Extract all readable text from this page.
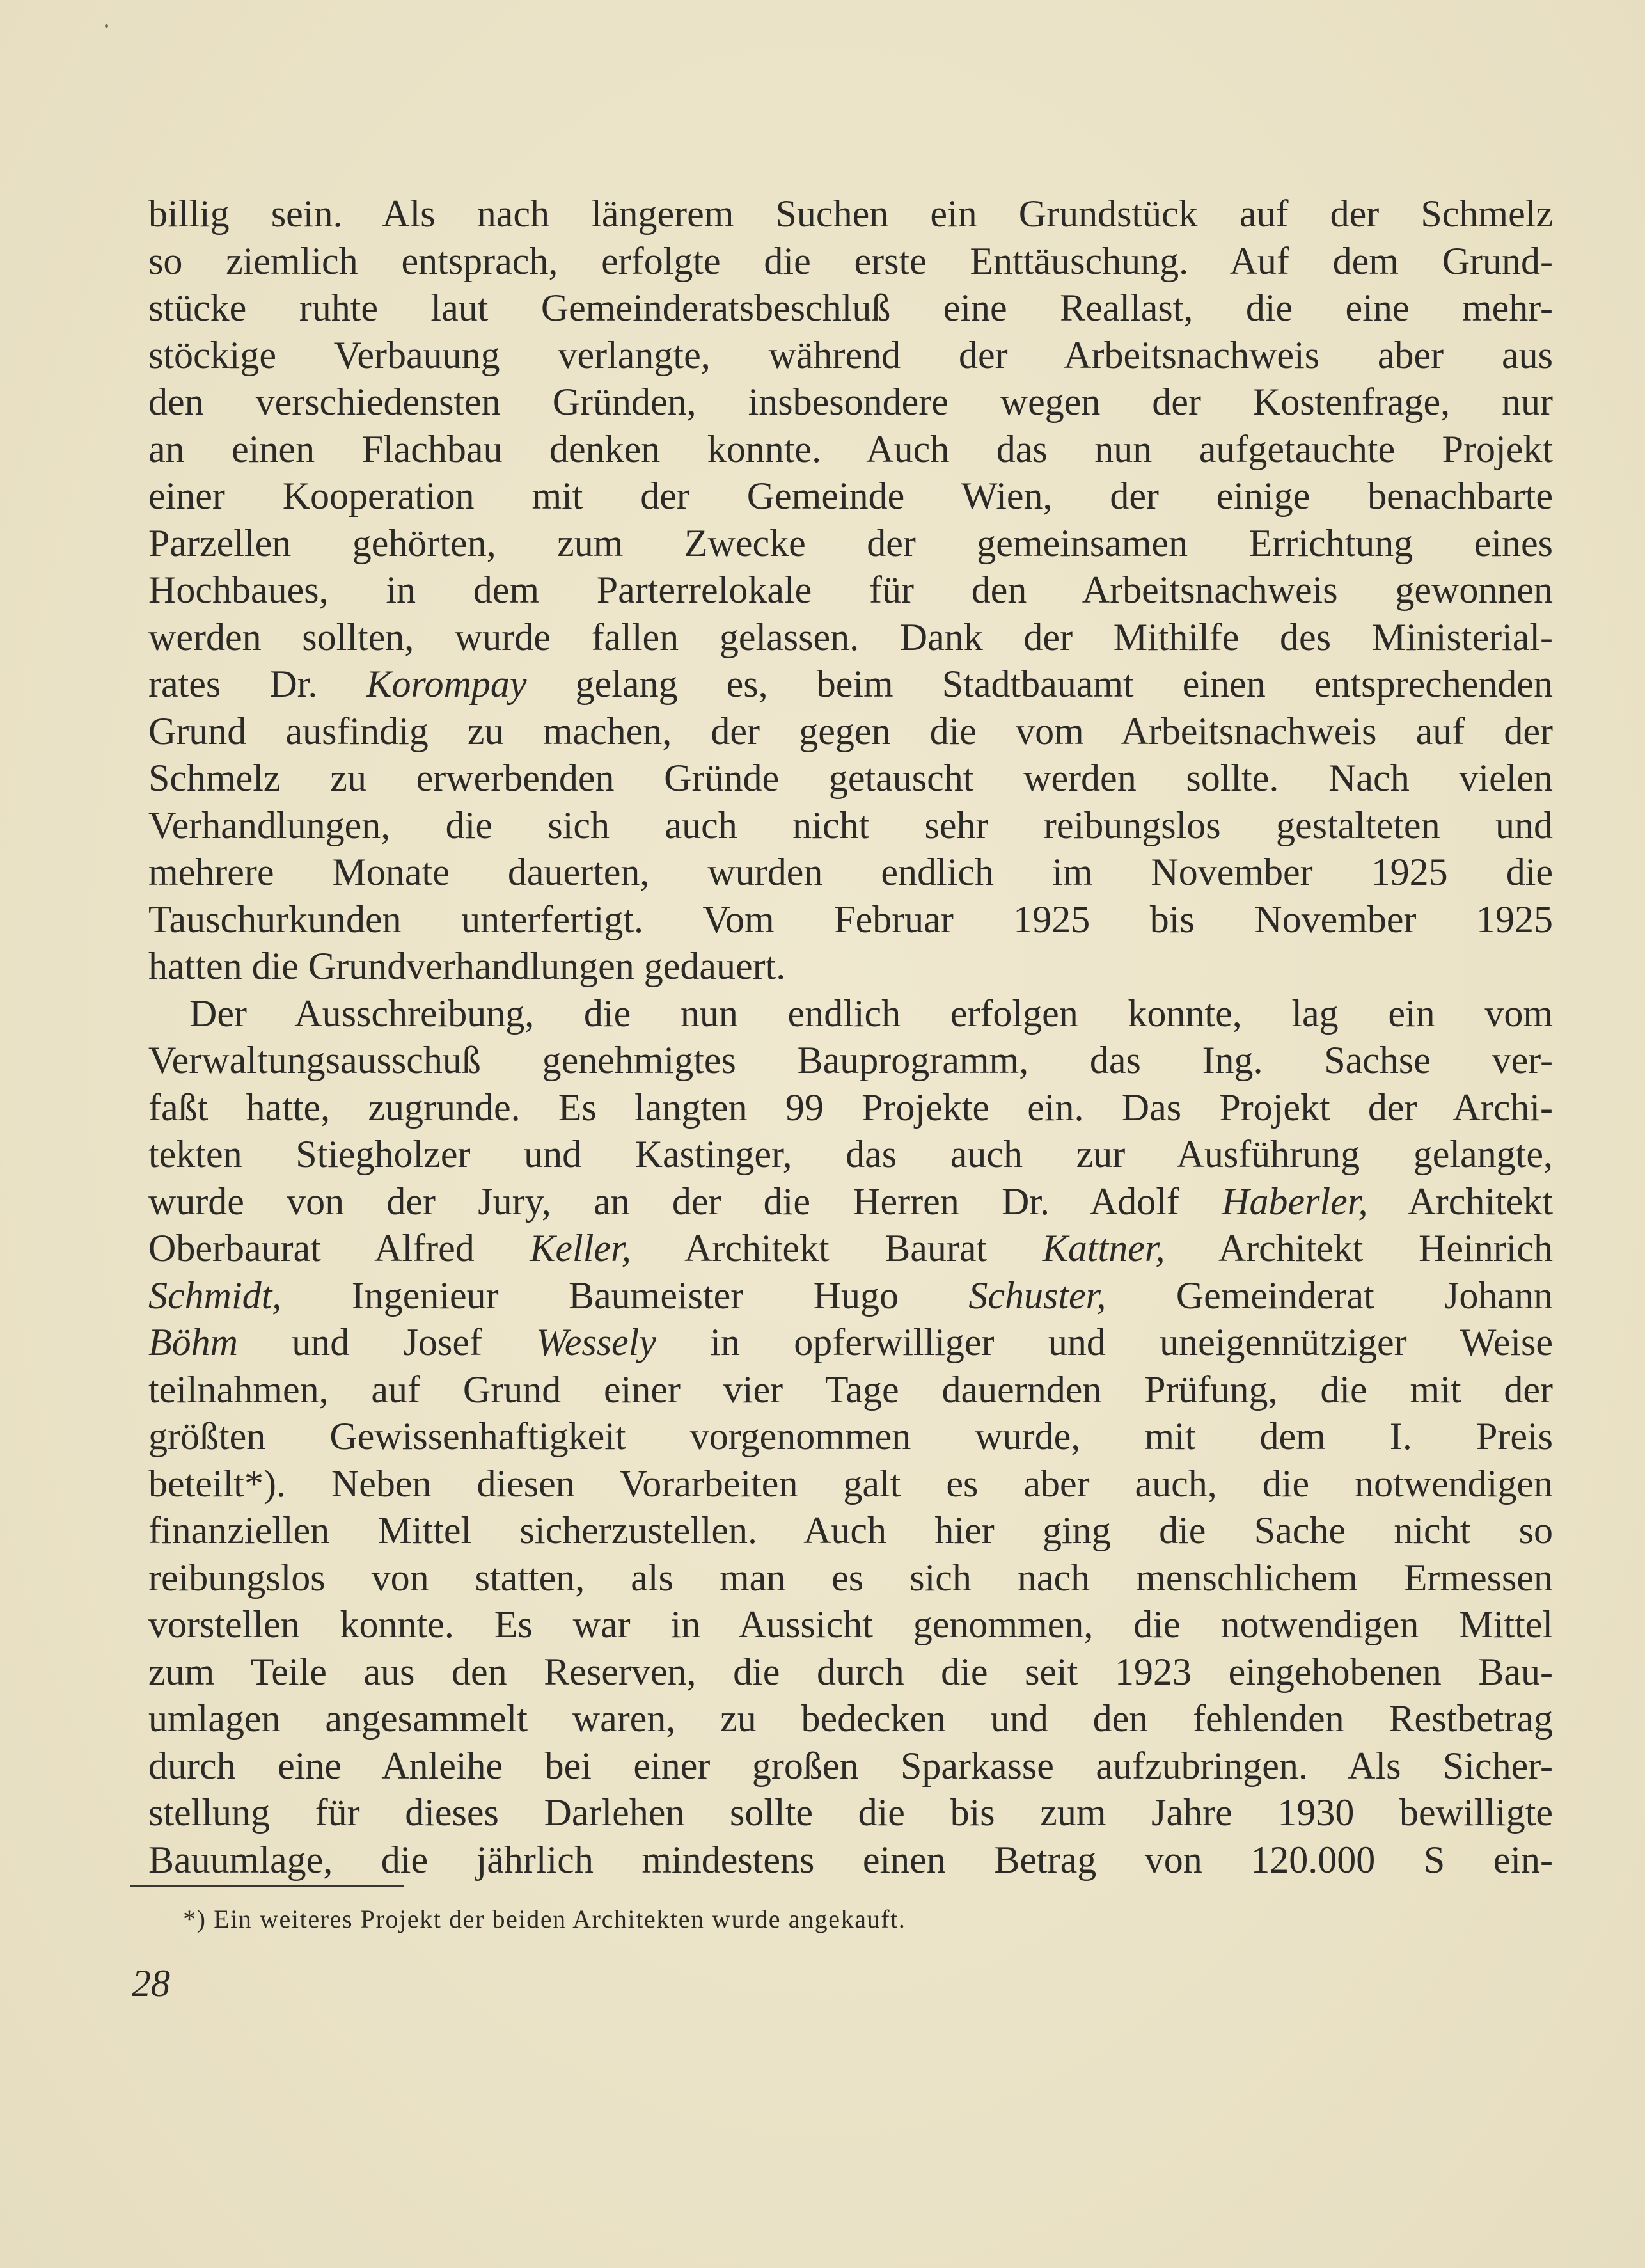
billig sein. Als nach längerem Suchen ein Grundstück auf der Schmelz
so ziemlich entsprach, erfolgte die erste Enttäuschung. Auf dem Grund-
stücke ruhte laut Gemeinderatsbeschluß eine Reallast, die eine mehr-
stöckige Verbauung verlangte, während der Arbeitsnachweis aber aus
den verschiedensten Gründen, insbesondere wegen der Kostenfrage, nur
an einen Flachbau denken konnte. Auch das nun aufgetauchte Projekt
einer Kooperation mit der Gemeinde Wien, der einige benachbarte
Parzellen gehörten, zum Zwecke der gemeinsamen Errichtung eines
Hochbaues, in dem Parterrelokale für den Arbeitsnachweis gewonnen
werden sollten, wurde fallen gelassen. Dank der Mithilfe des Ministerial-
rates Dr. Korompay gelang es, beim Stadtbauamt einen entsprechenden
Grund ausfindig zu machen, der gegen die vom Arbeitsnachweis auf der
Schmelz zu erwerbenden Gründe getauscht werden sollte. Nach vielen
Verhandlungen, die sich auch nicht sehr reibungslos gestalteten und
mehrere Monate dauerten, wurden endlich im November 1925 die
Tauschurkunden unterfertigt. Vom Februar 1925 bis November 1925
hatten die Grundverhandlungen gedauert.
Der Ausschreibung, die nun endlich erfolgen konnte, lag ein vom
Verwaltungsausschuß genehmigtes Bauprogramm, das Ing. Sachse ver-
faßt hatte, zugrunde. Es langten 99 Projekte ein. Das Projekt der Archi-
tekten Stiegholzer und Kastinger, das auch zur Ausführung gelangte,
wurde von der Jury, an der die Herren Dr. Adolf Haberler, Architekt
Oberbaurat Alfred Keller, Architekt Baurat Kattner, Architekt Heinrich
Schmidt, Ingenieur Baumeister Hugo Schuster, Gemeinderat Johann
Böhm und Josef Wessely in opferwilliger und uneigennütziger Weise
teilnahmen, auf Grund einer vier Tage dauernden Prüfung, die mit der
größten Gewissenhaftigkeit vorgenommen wurde, mit dem I. Preis
beteilt*). Neben diesen Vorarbeiten galt es aber auch, die notwendigen
finanziellen Mittel sicherzustellen. Auch hier ging die Sache nicht so
reibungslos von statten, als man es sich nach menschlichem Ermessen
vorstellen konnte. Es war in Aussicht genommen, die notwendigen Mittel
zum Teile aus den Reserven, die durch die seit 1923 eingehobenen Bau-
umlagen angesammelt waren, zu bedecken und den fehlenden Restbetrag
durch eine Anleihe bei einer großen Sparkasse aufzubringen. Als Sicher-
stellung für dieses Darlehen sollte die bis zum Jahre 1930 bewilligte
Bauumlage, die jährlich mindestens einen Betrag von 120.000 S ein-
*) Ein weiteres Projekt der beiden Architekten wurde angekauft.
28
